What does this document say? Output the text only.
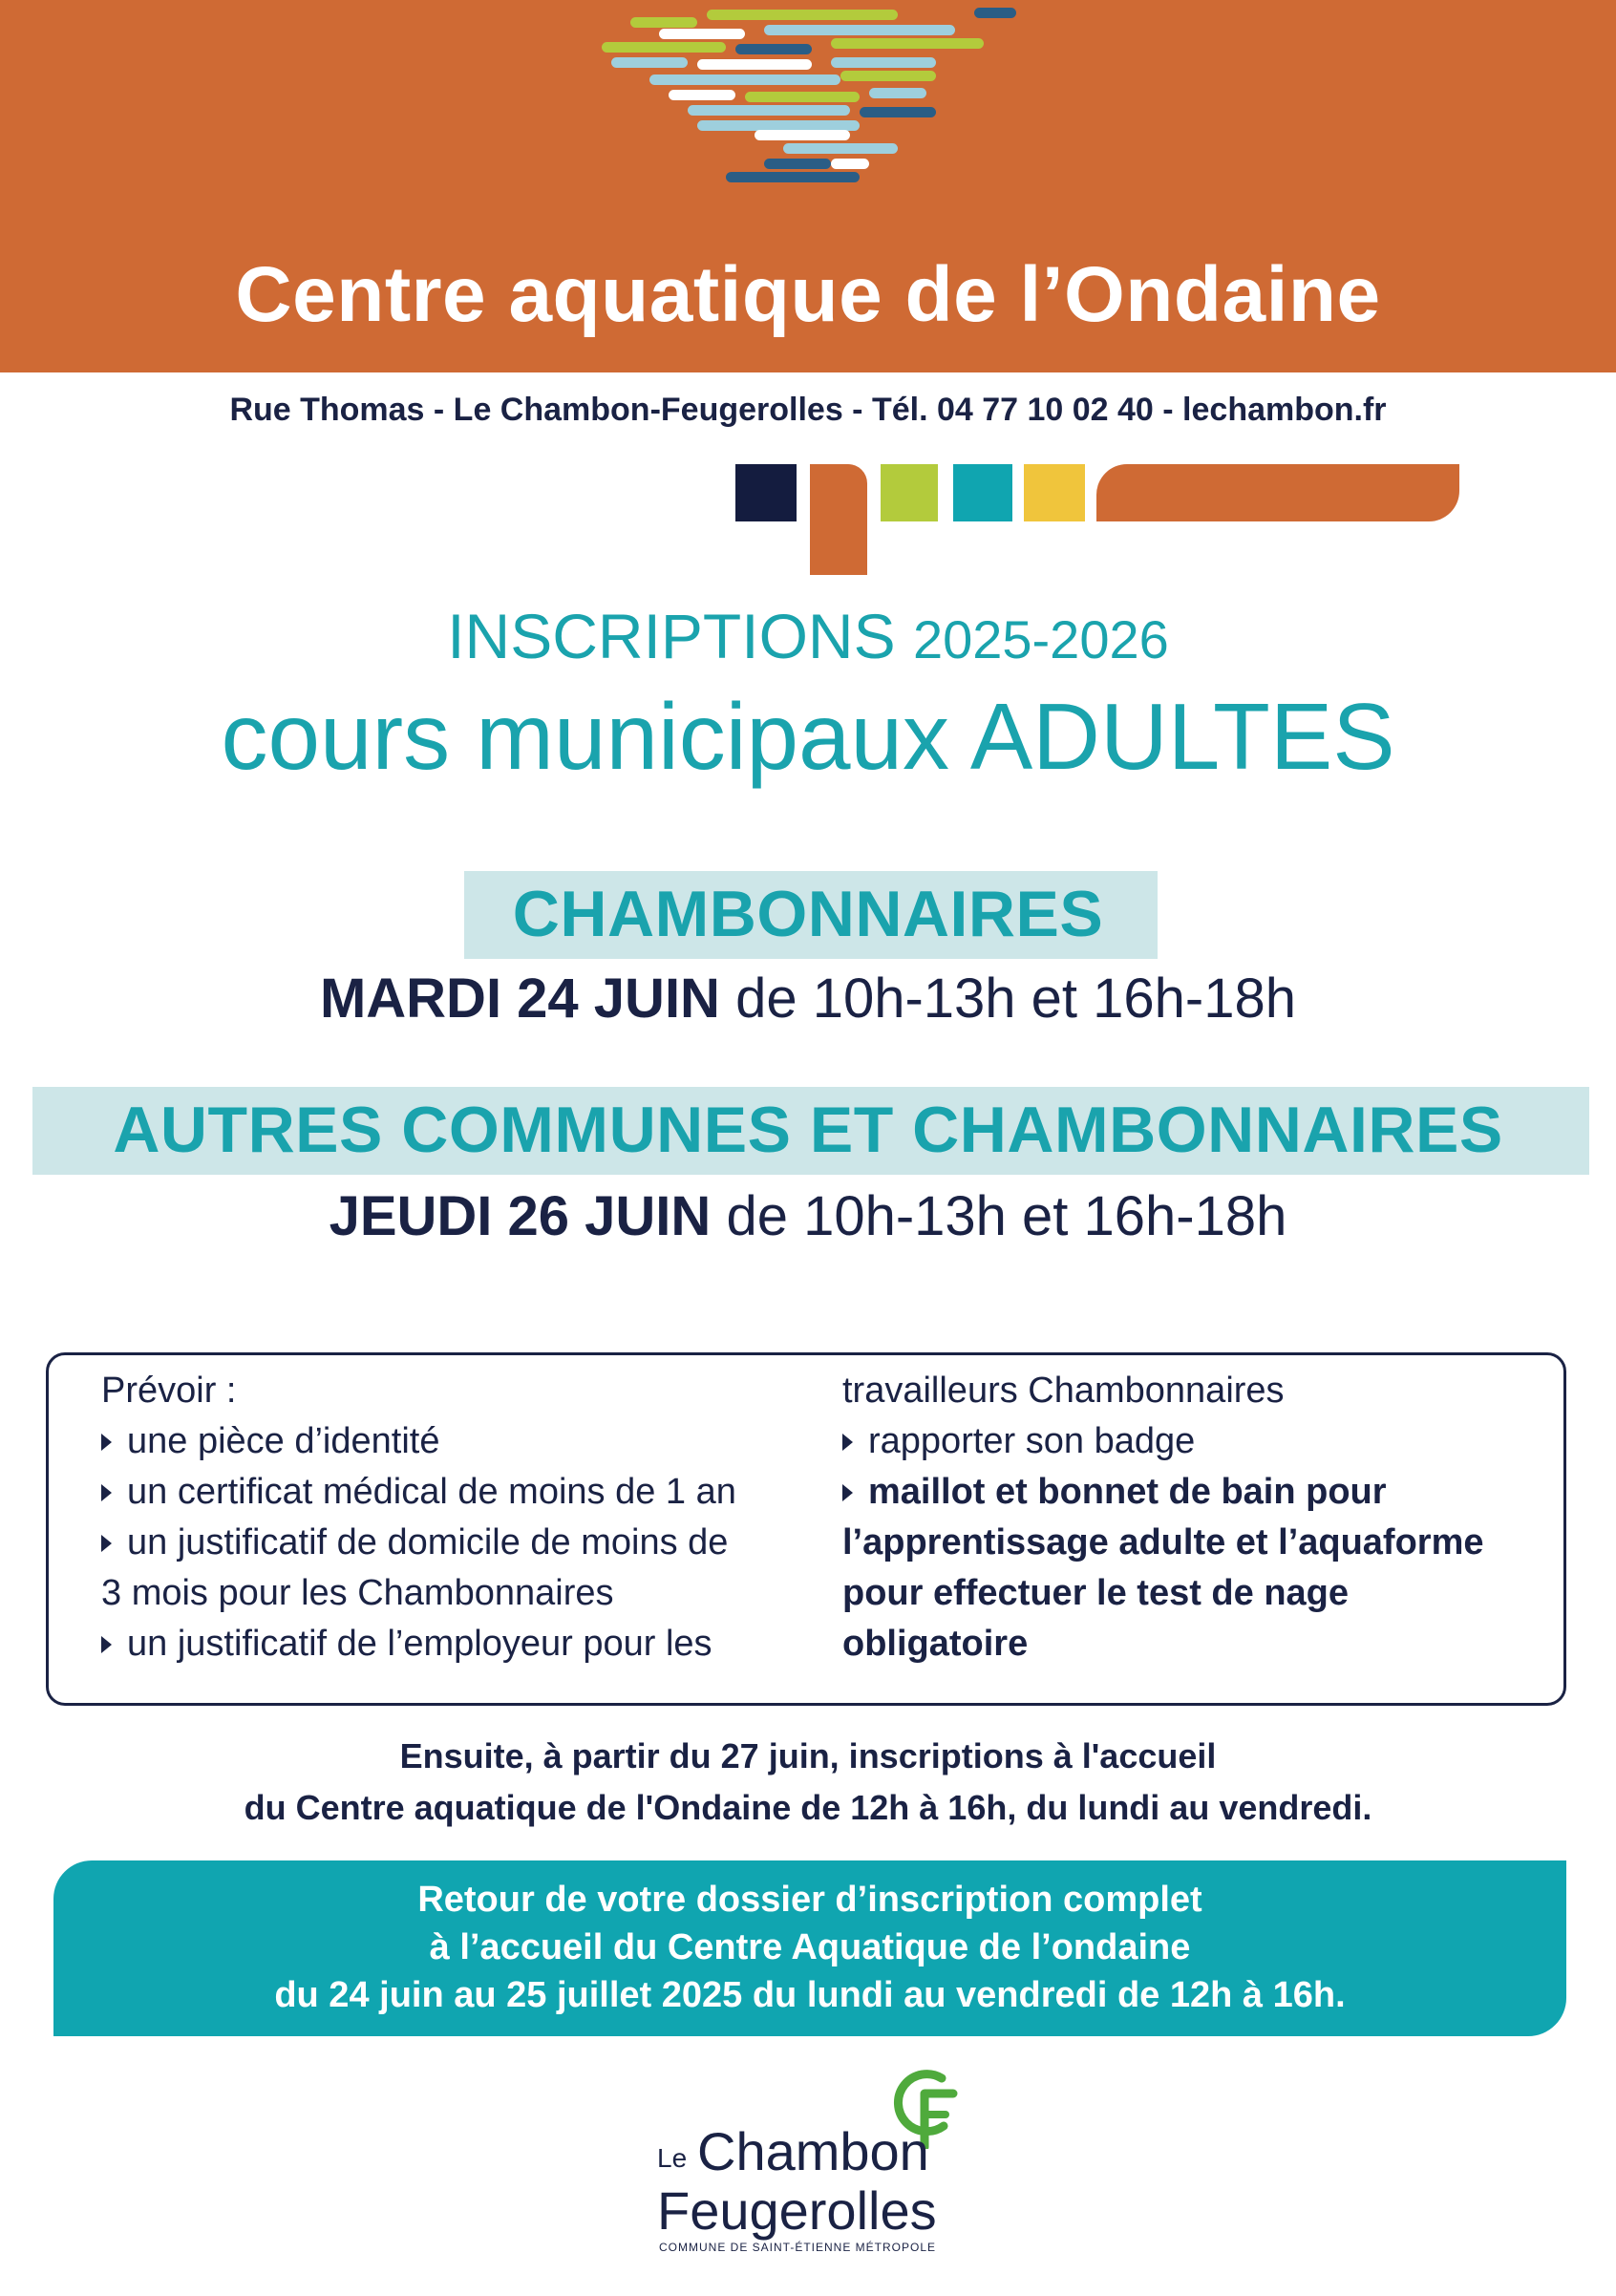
Centre aquatique de l’Ondaine
Rue Thomas - Le Chambon-Feugerolles - Tél. 04 77 10 02 40 - lechambon.fr
INSCRIPTIONS 2025-2026
cours municipaux ADULTES
CHAMBONNAIRES
MARDI 24 JUIN de 10h-13h et 16h-18h
AUTRES COMMUNES ET CHAMBONNAIRES
JEUDI 26 JUIN de 10h-13h et 16h-18h

Prévoir :

une pièce d’identité

un certificat médical de moins de 1 an

un justificatif de domicile de moins de

3 mois pour les Chambonnaires

un justificatif de l’employeur pour les

travailleurs Chambonnaires

rapporter son badge

maillot et bonnet de bain pour

l’apprentissage adulte et l’aquaforme

pour effectuer le test de nage

obligatoire

Ensuite, à partir du 27 juin, inscriptions à l'accueil
du Centre aquatique de l'Ondaine de 12h à 16h, du lundi au vendredi.
Retour de votre dossier d’inscription complet
à l’accueil du Centre Aquatique de l’ondaine
du 24 juin au 25 juillet 2025 du lundi au vendredi de 12h à 16h.
Le Chambon
Feugerolles
COMMUNE DE SAINT-ÉTIENNE MÉTROPOLE
